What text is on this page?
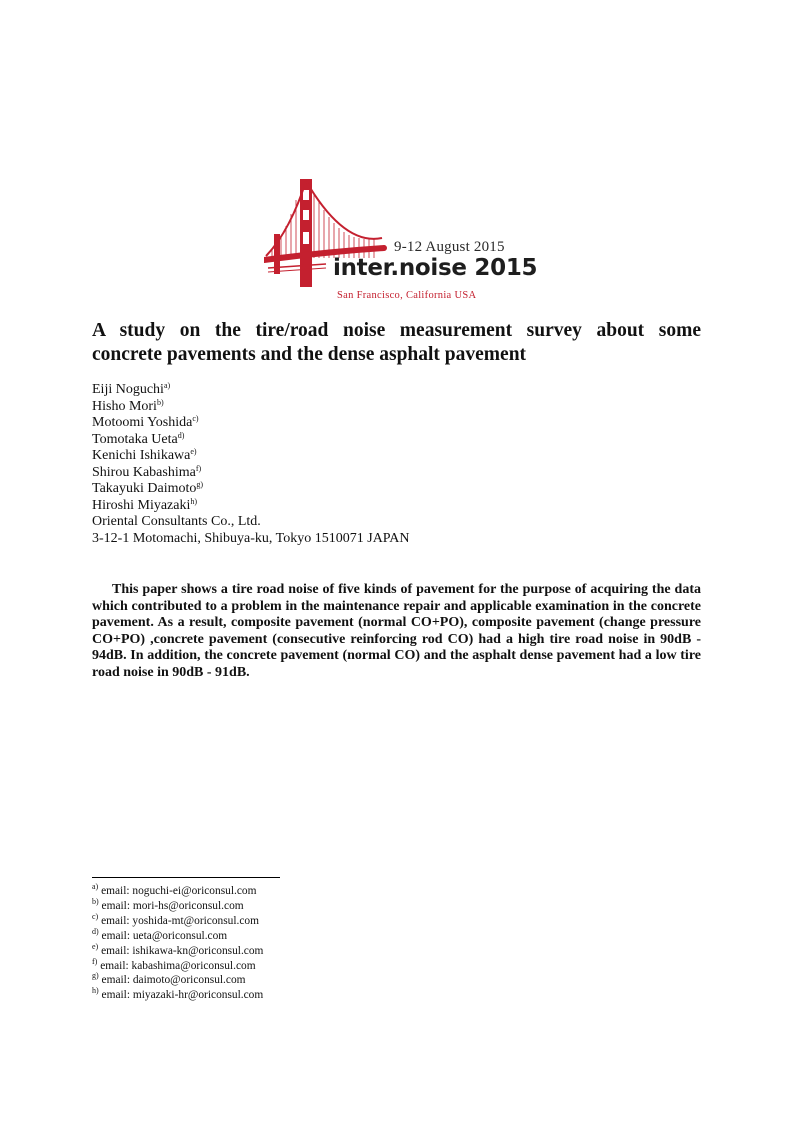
9-12 August 2015
inter.noise 2015
San Francisco, California USA
A study on the tire/road noise measurement survey about some
concrete pavements and the dense asphalt pavement
Eiji Noguchi$^{a)}$
Hisho Mori$^{b)}$
Motoomi Yoshida$^{c)}$
Tomotaka Ueta$^{d)}$
Kenichi Ishikawa$^{e)}$
Shirou Kabashima$^{f)}$
Takayuki Daimoto$^{g)}$
Hiroshi Miyazaki$^{h)}$
Oriental Consultants Co., Ltd.
3-12-1 Motomachi, Shibuya-ku, Tokyo 1510071 JAPAN
This paper shows a tire road noise of five kinds of pavement for the purpose of acquiring the data which contributed to a problem in the maintenance repair and applicable examination in the concrete pavement. As a result, composite pavement (normal CO+PO), composite pavement (change pressure CO+PO) ,concrete pavement (consecutive reinforcing rod CO) had a high tire road noise in 90dB - 94dB. In addition, the concrete pavement (normal CO) and the asphalt dense pavement had a low tire road noise in 90dB - 91dB.
$^{a)}$ email: noguchi-ei@oriconsul.com
$^{b)}$ email: mori-hs@oriconsul.com
$^{c)}$ email: yoshida-mt@oriconsul.com
$^{d)}$ email: ueta@oriconsul.com
$^{e)}$ email: ishikawa-kn@oriconsul.com
$^{f)}$ email: kabashima@oriconsul.com
$^{g)}$ email: daimoto@oriconsul.com
$^{h)}$ email: miyazaki-hr@oriconsul.com
